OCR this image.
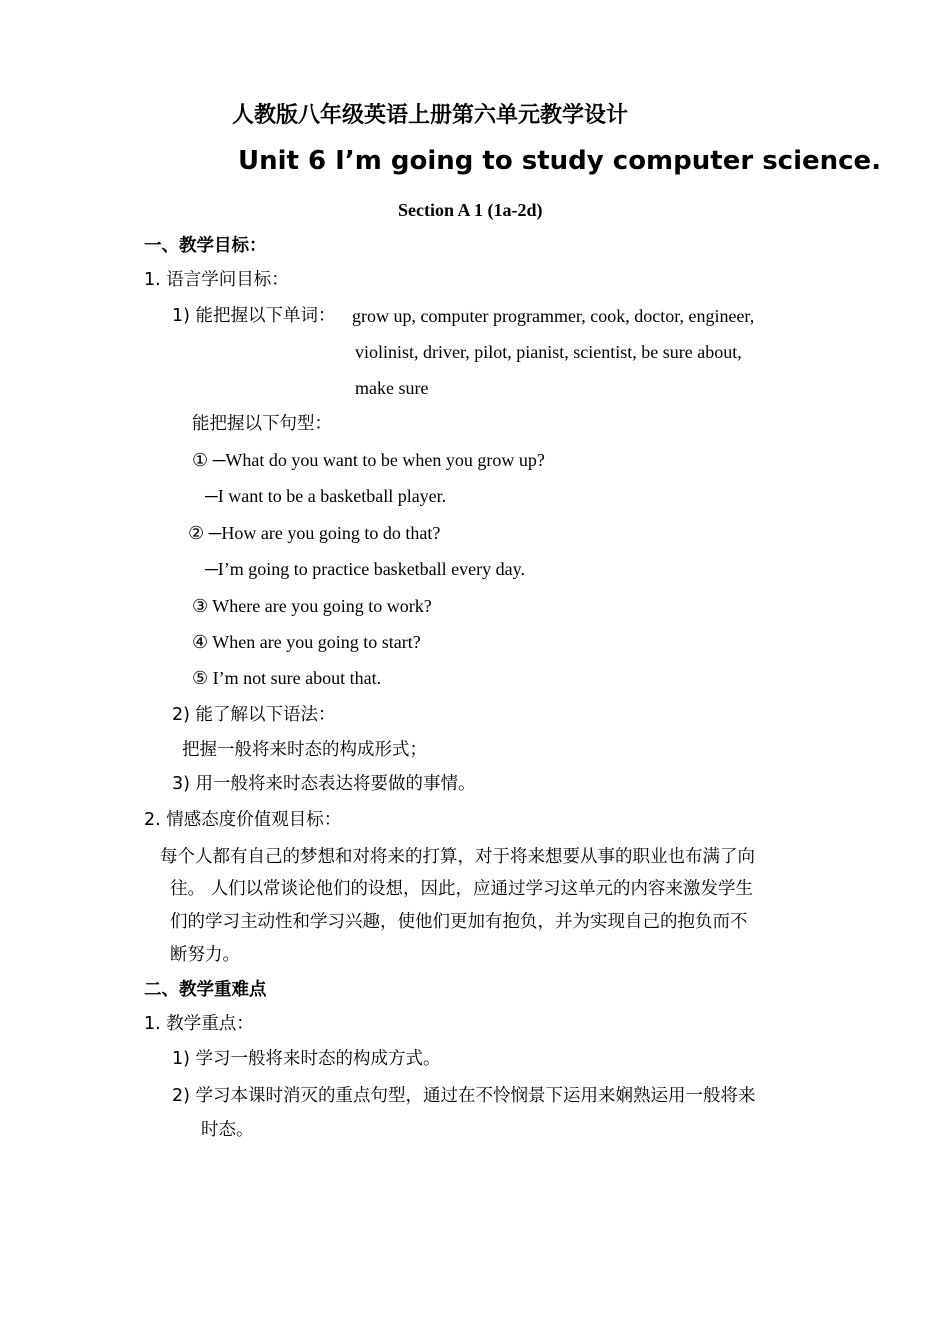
人教版八年级英语上册第六单元教学设计
Unit 6 I’m going to study computer science.
Section A 1 (1a-2d)
一、教学目标：
1. 语言学问目标：
1) 能把握以下单词： grow up, computer programmer, cook, doctor, engineer,
violinist, driver, pilot, pianist, scientist, be sure about,
make sure
能把握以下句型：
① ─What do you want to be when you grow up?
─I want to be a basketball player.
② ─How are you going to do that?
─I’m going to practice basketball every day.
③ Where are you going to work?
④ When are you going to start?
⑤ I’m not sure about that.
2) 能了解以下语法：
把握一般将来时态的构成形式；
3) 用一般将来时态表达将要做的事情。
2. 情感态度价值观目标：
每个人都有自己的梦想和对将来的打算，对于将来想要从事的职业也布满了向
往。 人们以常谈论他们的设想，因此，应通过学习这单元的内容来激发学生
们的学习主动性和学习兴趣，使他们更加有抱负，并为实现自己的抱负而不
断努力。
二、教学重难点
1. 教学重点：
1) 学习一般将来时态的构成方式。
2) 学习本课时消灭的重点句型，通过在不怜悯景下运用来娴熟运用一般将来
时态。
